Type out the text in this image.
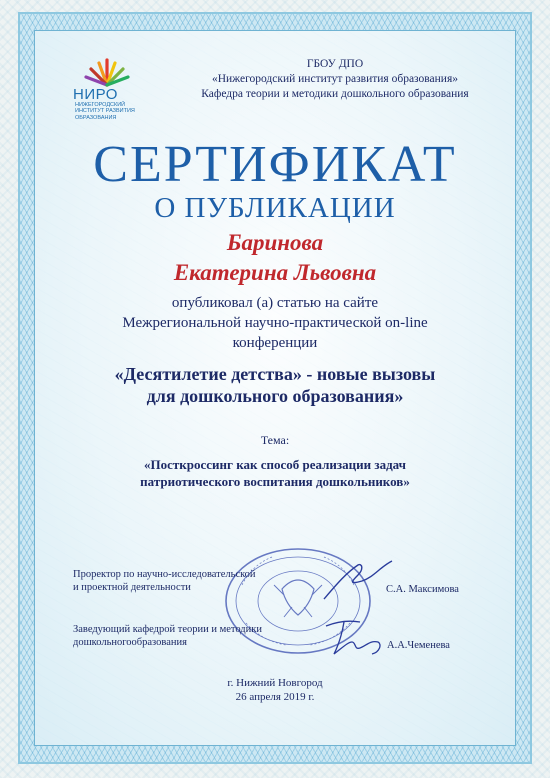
НИРО
НИЖЕГОРОДСКИЙ ИНСТИТУТ РАЗВИТИЯ ОБРАЗОВАНИЯ
ГБОУ ДПО
«Нижегородский институт развития образования»
Кафедра теории и методики дошкольного образования
СЕРТИФИКАТ
О ПУБЛИКАЦИИ
Баринова
Екатерина Львовна
опубликовал (а) статью на сайте
Межрегиональной научно-практической on-line
конференции
«Десятилетие детства» - новые вызовы
для дошкольного образования»
Тема:
«Посткроссинг как способ реализации задач
патриотического воспитания дошкольников»
Проректор по научно-исследовательской
и проектной деятельности	С.А. Максимова
Заведующий кафедрой теории и методики
дошкольногообразования	А.А.Чеменева
г. Нижний Новгород
26 апреля 2019 г.
